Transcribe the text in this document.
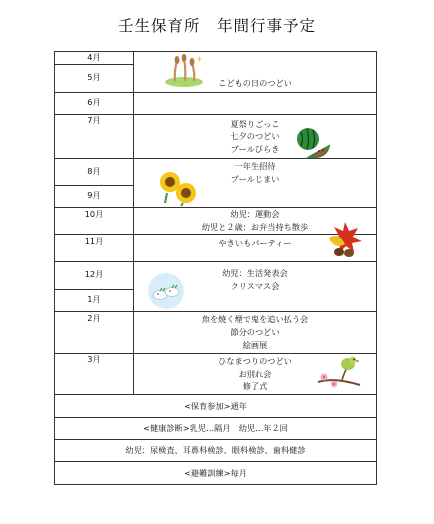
壬生保育所　年間行事予定
4月	こどもの日のつどい

5月	
6月	
7月	夏祭りごっこ
七夕のつどい
プールびらき

8月	一年生招待
プールじまい

9月	
10月	幼児：運動会
幼児と２歳：お弁当持ち散歩

11月	やきいもパーティー

12月	幼児：生活発表会
クリスマス会

1月	
2月	魚を焼く煙で鬼を追い払う会
節分のつどい
絵画展

3月	ひなまつりのつどい
お別れ会
修了式

<保育参加>通年	
<健康診断>乳児…隔月　幼児…年２回	
幼児：尿検査、耳鼻科検診、眼科検診、歯科健診	
<避難訓練>毎月	
